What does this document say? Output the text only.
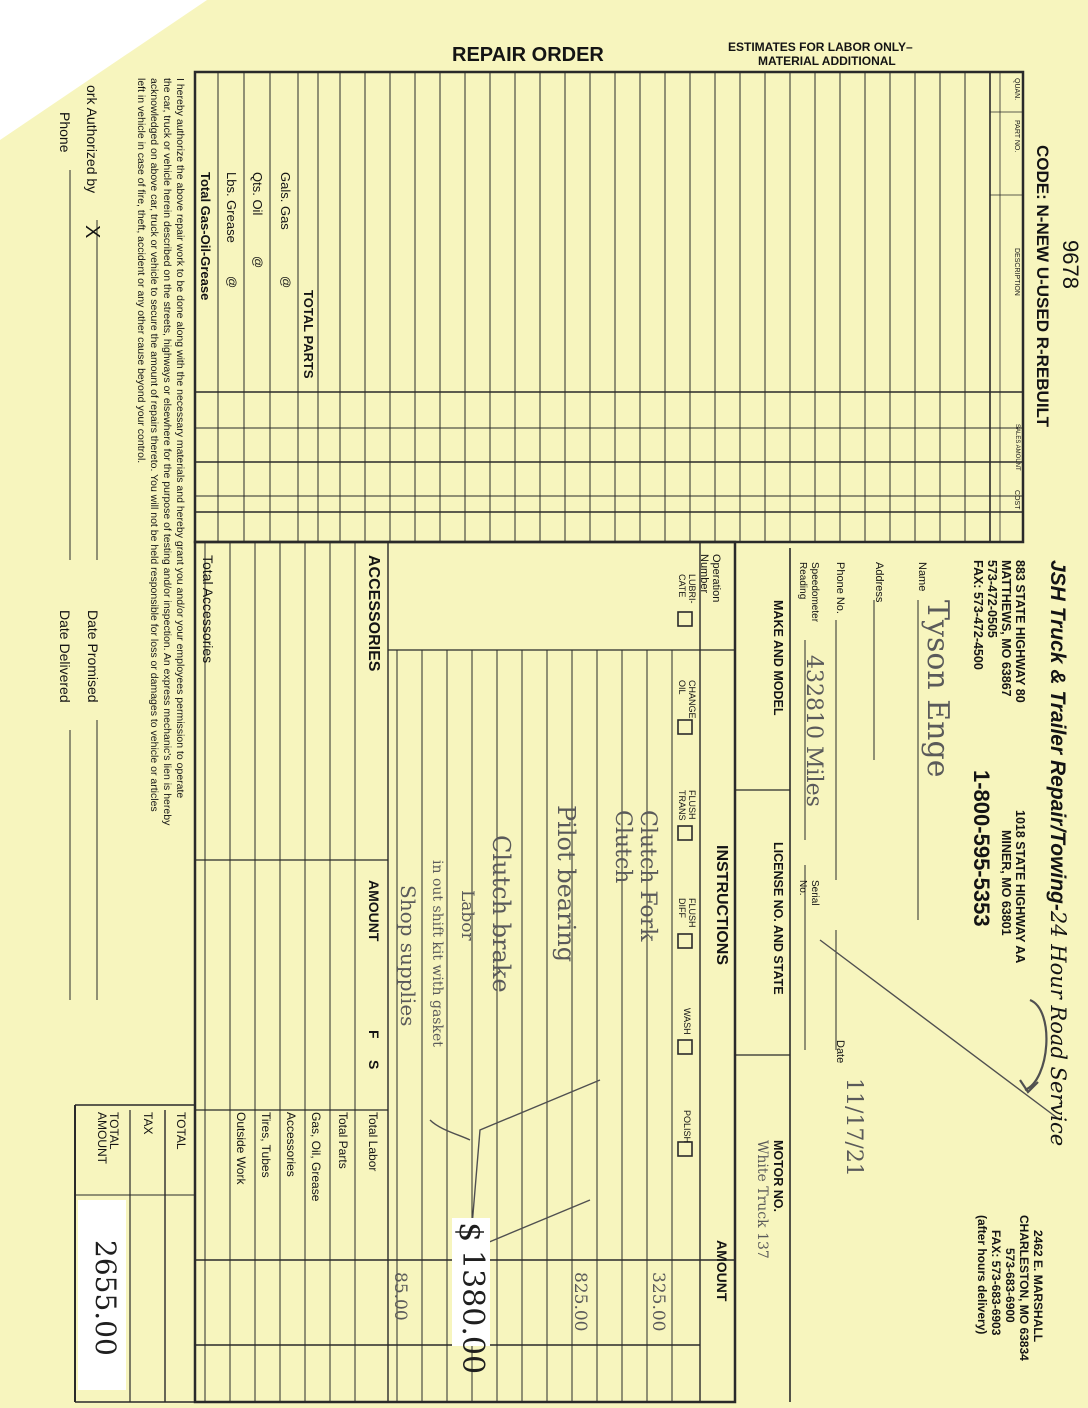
REPAIR ORDER	ESTIMATES FOR LABOR ONLY–
MATERIAL ADDITIONAL
9678
CODE: N-NEW U-USED R-REBUILT
QUAN.
PART NO.
DESCRIPTION
SALES AMOUNT
COST
TOTAL PARTS
Gals. Gas
@
Qts. Oil
@
Lbs. Grease
@
Total Gas-Oil-Grease
I hereby authorize the above repair work to be done along with the necessary materials and hereby grant you and/or your employees permission to operate
the car, truck or vehicle herein described on the streets, highways or elsewhere for the purpose of testing and/or inspection. An express mechanic's lien is hereby
acknowledged on above car, truck or vehicle to secure the amount of repairs thereto. You will not be held responsible for loss or damages to vehicle or articles
left in vehicle in case of fire, theft, accident or any other cause beyond your control.
ork Authorized by
X
Phone
Date Promised
Date Delivered	JSH Truck & Trailer Repair/Towing-24 Hour Road Service
883 STATE HIGHWAY 80
MATTHEWS, MO 63867
573-472-0505
FAX: 573-472-4500
1018 STATE HIGHWAY AA
MINER, MO 63801
1-800-595-5353
2462 E. MARSHALL
CHARLESTON, MO 63834
573-683-6900
FAX: 573-683-6903
(after hours delivery)
Name
Address
Phone No.
Date
Speedometer
Reading
Serial
No.
MAKE AND MODEL
LICENSE NO. AND STATE
MOTOR NO.
Operation
Number
INSTRUCTIONS
AMOUNT
LUBRI-
CATE
CHANGE
OIL
FLUSH
TRANS
FLUSH
DIFF
WASH
POLISH
ACCESSORIES
AMOUNT
F
S
Total Accessories
Total Labor
Total Parts
Gas, Oil, Grease
Accessories
Tires, Tubes
Outside Work
TOTAL
TAX
TOTAL
AMOUNT
Tyson Enge
11/17/21
432810 Miles
White Truck 137
Clutch Fork
Clutch
Pilot bearing
Clutch brake
Labor
in out shift kit with gasket
Shop supplies
325.00
825.00
85.00
$
1380.00
2655.00
